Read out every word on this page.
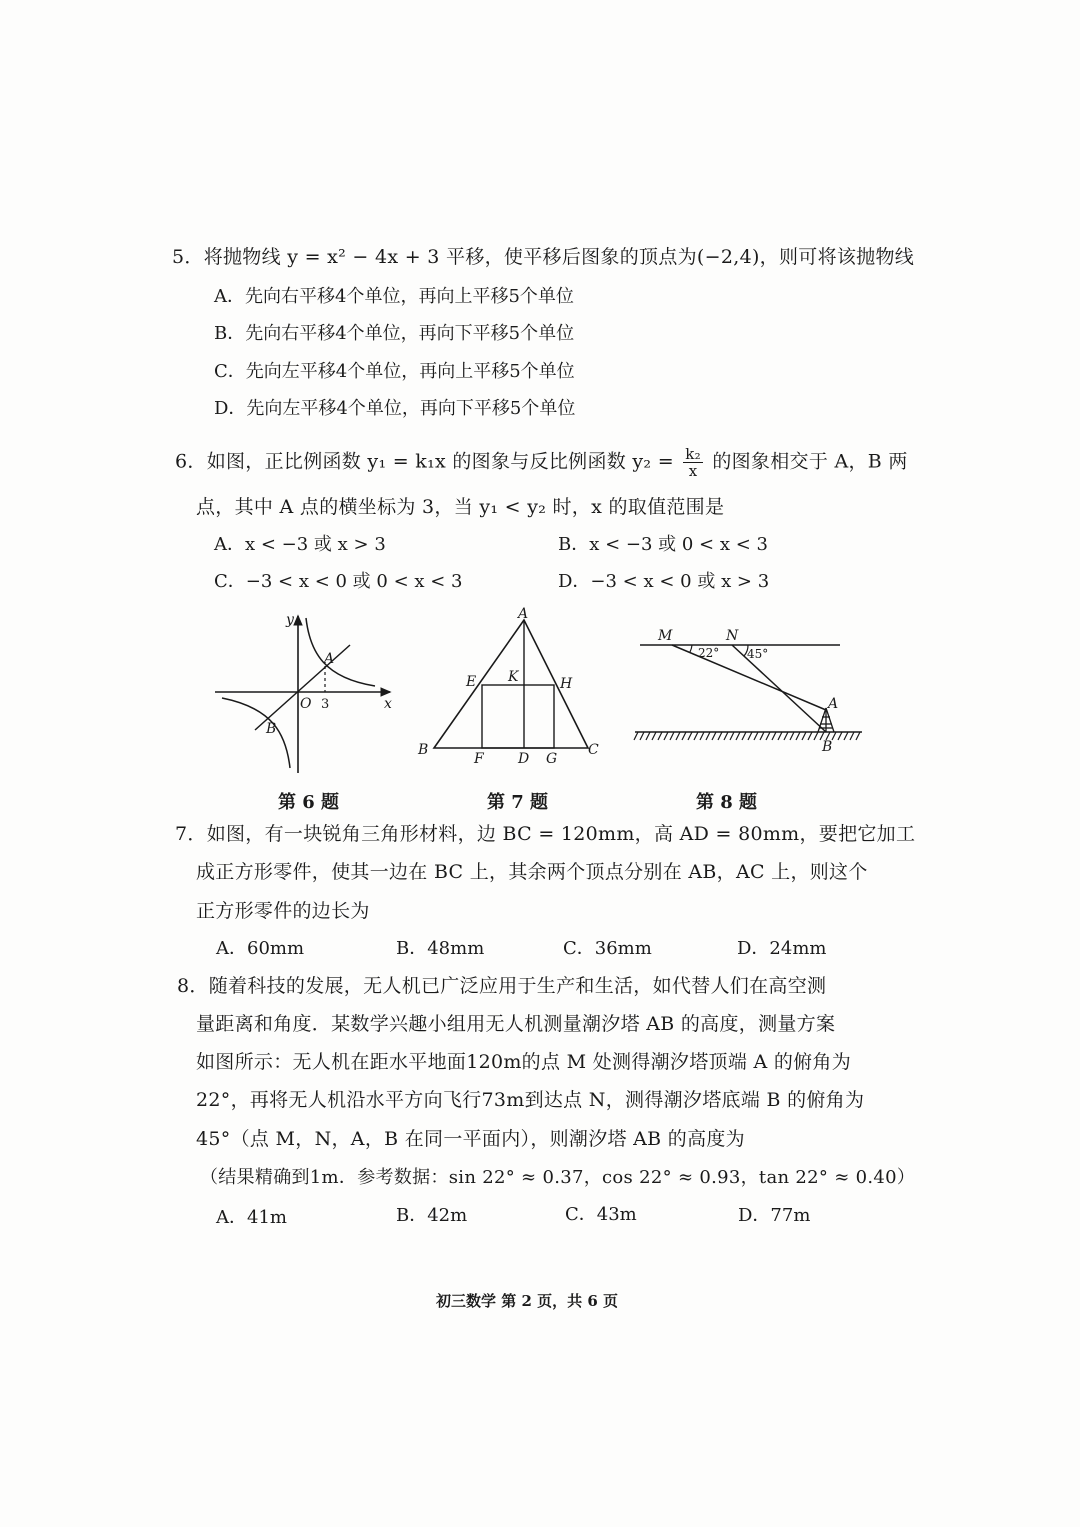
5．将抛物线 y = x² − 4x + 3 平移，使平移后图象的顶点为(−2,4)，则可将该抛物线
A．先向右平移4个单位，再向上平移5个单位
B．先向右平移4个单位，再向下平移5个单位
C．先向左平移4个单位，再向上平移5个单位
D．先向左平移4个单位，再向下平移5个单位
6．如图，正比例函数 y₁ = k₁x 的图象与反比例函数 $y_2 = \frac{\text{k₂}}{x}$ 的图象相交于 A，B 两
点，其中 A 点的横坐标为 3，当 y₁ < y₂ 时，x 的取值范围是
A．x < −3 或 x > 3	B．x < −3 或 0 < x < 3
C．−3 < x < 0 或 0 < x < 3	D．−3 < x < 0 或 x > 3
y
x
O 3
A
B
第 6 题
A
E K	H
B
F D G
C
第 7 题
M	N
22° 45°
A
B
第 8 题
7．如图，有一块锐角三角形材料，边 BC = 120mm，高 AD = 80mm，要把它加工
成正方形零件，使其一边在 BC 上，其余两个顶点分别在 AB，AC 上，则这个
正方形零件的边长为
A．60mm	B．48mm	C．36mm	D．24mm
8．随着科技的发展，无人机已广泛应用于生产和生活，如代替人们在高空测
量距离和角度．某数学兴趣小组用无人机测量潮汐塔 AB 的高度，测量方案
如图所示：无人机在距水平地面120m的点 M 处测得潮汐塔顶端 A 的俯角为
22°，再将无人机沿水平方向飞行73m到达点 N，测得潮汐塔底端 B 的俯角为
45°（点 M，N，A，B 在同一平面内），则潮汐塔 AB 的高度为
（结果精确到1m．参考数据：sin 22° ≈ 0.37，cos 22° ≈ 0.93，tan 22° ≈ 0.40）
A．41m	B．42m	C．43m	D．77m
初三数学 第 2 页，共 6 页
